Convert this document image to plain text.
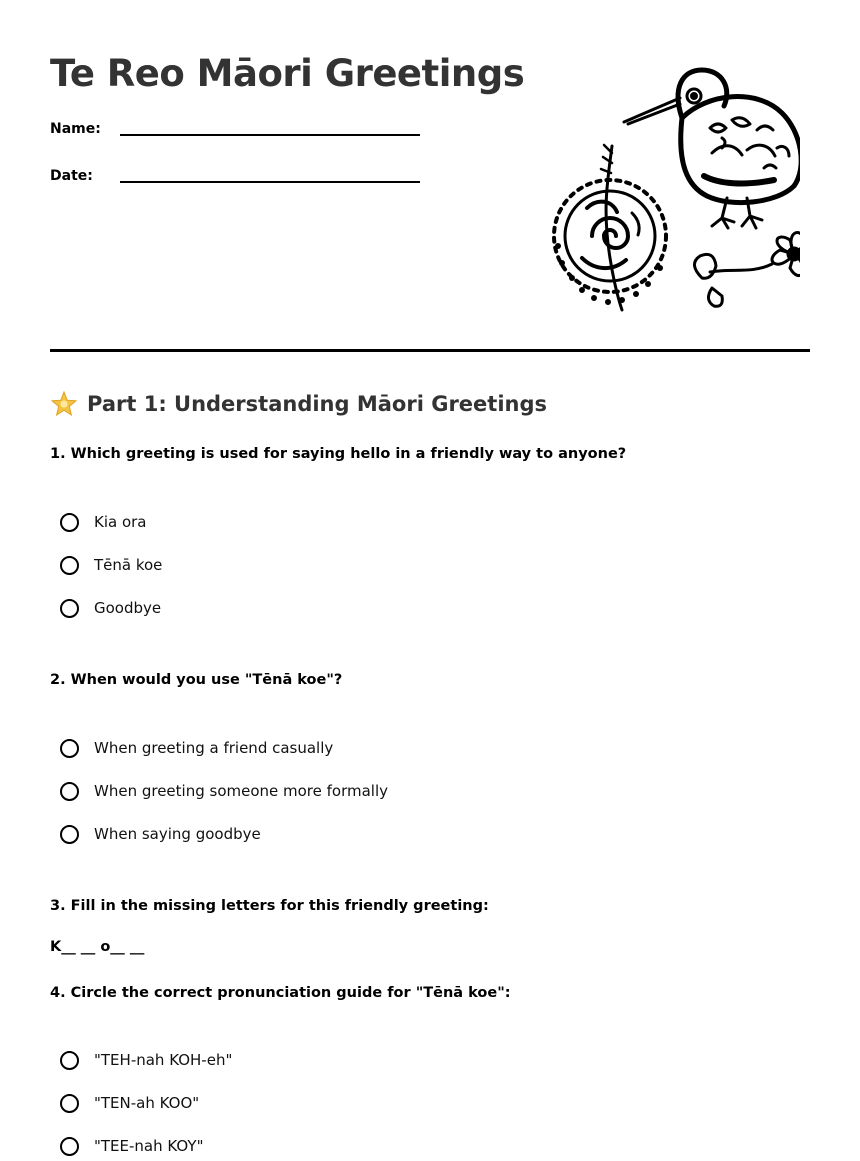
Te Reo Māori Greetings
Name:
Date:
Part 1: Understanding Māori Greetings
1. Which greeting is used for saying hello in a friendly way to anyone?
Kia ora
Tēnā koe
Goodbye
2. When would you use "Tēnā koe"?
When greeting a friend casually
When greeting someone more formally
When saying goodbye
3. Fill in the missing letters for this friendly greeting:
K__ __ o__ __
4. Circle the correct pronunciation guide for "Tēnā koe":
"TEH-nah KOH-eh"
"TEN-ah KOO"
"TEE-nah KOY"
